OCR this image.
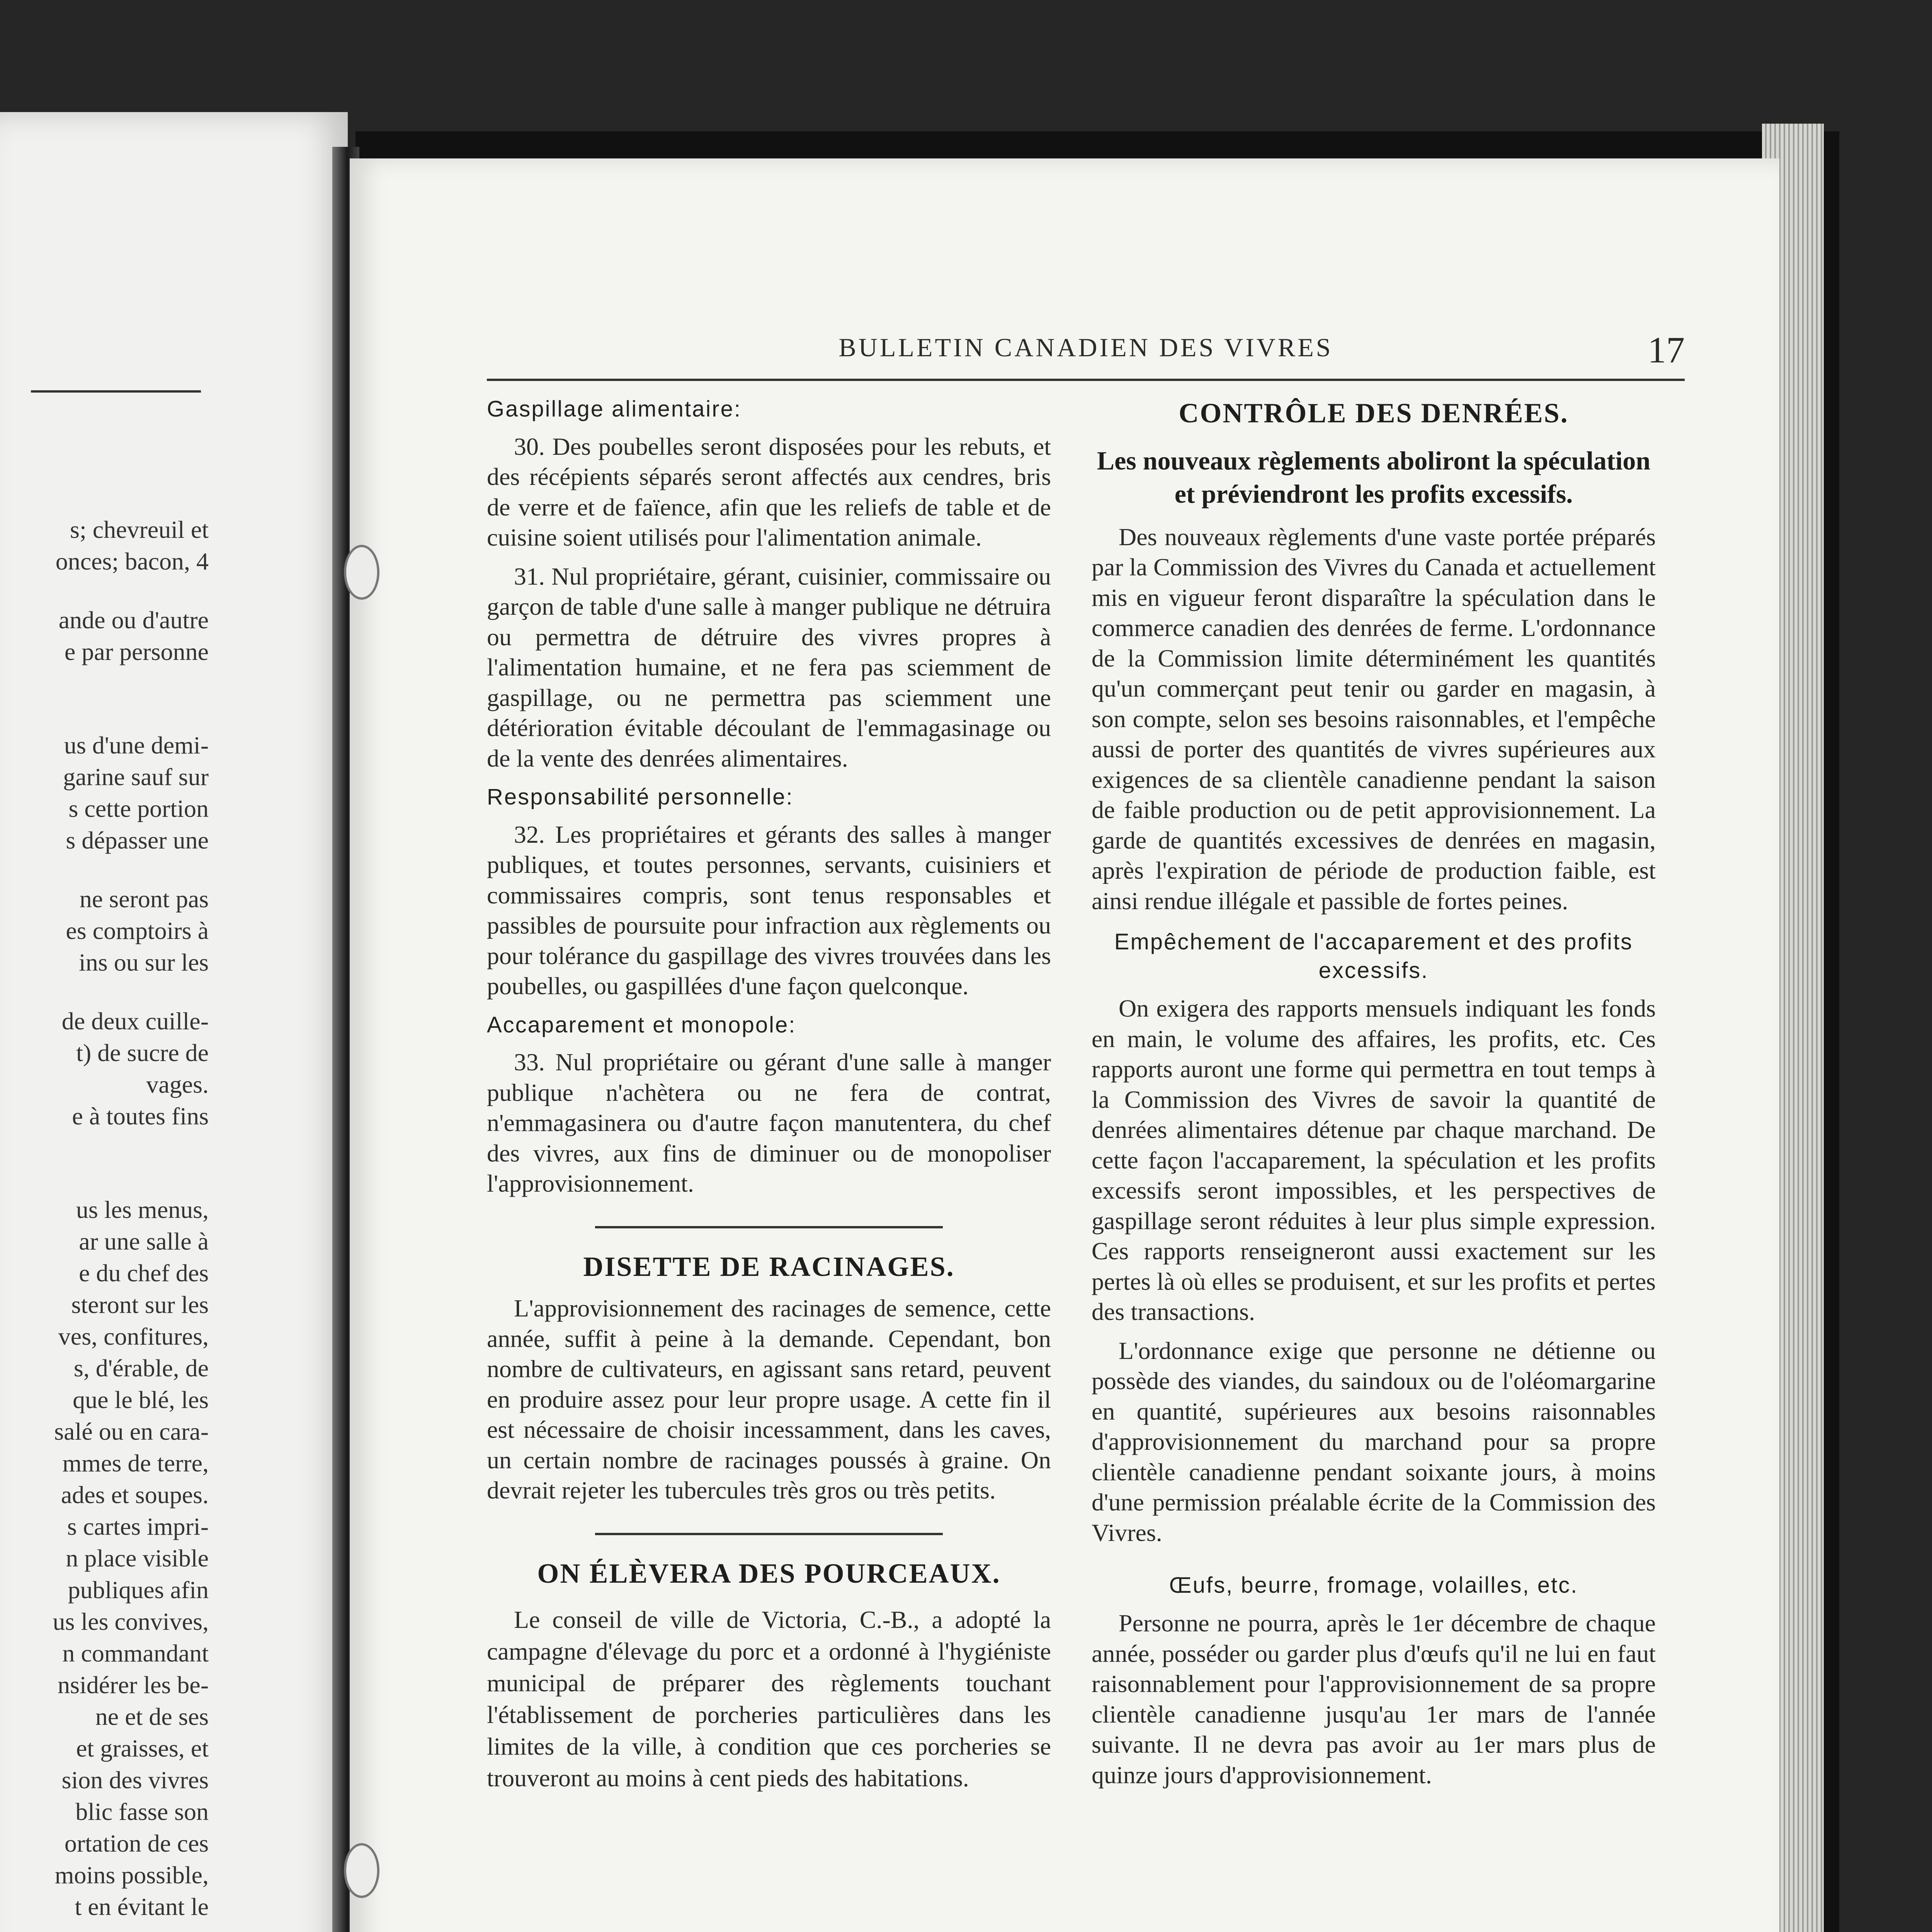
s; chevreuil et
onces; bacon, 4
ande ou d'autre
e par personne
us d'une demi-
garine sauf sur
s cette portion
s dépasser une
ne seront pas
es comptoirs à
ins ou sur les
de deux cuille-
t) de sucre de
vages.
e à toutes fins
us les menus,
ar une salle à
e du chef des
steront sur les
ves, confitures,
s, d'érable, de
que le blé, les
salé ou en cara-
mmes de terre,
ades et soupes.
s cartes impri-
n place visible
publiques afin
us les convives,
n commandant
nsidérer les be-
ne et de ses
et graisses, et
sion des vivres
blic fasse son
ortation de ces
moins possible,
t en évitant le
BULLETIN CANADIEN DES VIVRES	17
Gaspillage alimentaire:

30. Des poubelles seront disposées pour les rebuts, et des récépients séparés seront affectés aux cendres, bris de verre et de faïence, afin que les reliefs de table et de cuisine soient utilisés pour l'alimentation animale.

31. Nul propriétaire, gérant, cuisinier, commissaire ou garçon de table d'une salle à manger publique ne détruira ou permettra de détruire des vivres propres à l'alimentation humaine, et ne fera pas sciemment de gaspillage, ou ne permettra pas sciemment une détérioration évitable découlant de l'emmagasinage ou de la vente des denrées alimentaires.

Responsabilité personnelle:

32. Les propriétaires et gérants des salles à manger publiques, et toutes personnes, servants, cuisiniers et commissaires compris, sont tenus responsables et passibles de poursuite pour infraction aux règlements ou pour tolérance du gaspillage des vivres trouvées dans les poubelles, ou gaspillées d'une façon quelconque.

Accaparement et monopole:

33. Nul propriétaire ou gérant d'une salle à manger publique n'achètera ou ne fera de contrat, n'emmagasinera ou d'autre façon manutentera, du chef des vivres, aux fins de diminuer ou de monopoliser l'approvisionnement.

DISETTE DE RACINAGES.

L'approvisionnement des racinages de semence, cette année, suffit à peine à la demande. Cependant, bon nombre de cultivateurs, en agissant sans retard, peuvent en produire assez pour leur propre usage. A cette fin il est nécessaire de choisir incessamment, dans les caves, un certain nombre de racinages poussés à graine. On devrait rejeter les tubercules très gros ou très petits.

ON ÉLÈVERA DES POURCEAUX.

Le conseil de ville de Victoria, C.-B., a adopté la campagne d'élevage du porc et a ordonné à l'hygiéniste municipal de préparer des règlements touchant l'établissement de porcheries particulières dans les limites de la ville, à condition que ces porcheries se trouveront au moins à cent pieds des habitations.

CONTRÔLE DES DENRÉES.
Les nouveaux règlements aboliront la spéculation et préviendront les profits excessifs.

Des nouveaux règlements d'une vaste portée préparés par la Commission des Vivres du Canada et actuellement mis en vigueur feront disparaître la spéculation dans le commerce canadien des denrées de ferme. L'ordonnance de la Commission limite déterminément les quantités qu'un commerçant peut tenir ou garder en magasin, à son compte, selon ses besoins raisonnables, et l'empêche aussi de porter des quantités de vivres supérieures aux exigences de sa clientèle canadienne pendant la saison de faible production ou de petit approvisionnement. La garde de quantités excessives de denrées en magasin, après l'expiration de période de production faible, est ainsi rendue illégale et passible de fortes peines.

Empêchement de l'accaparement et des profits excessifs.

On exigera des rapports mensuels indiquant les fonds en main, le volume des affaires, les profits, etc. Ces rapports auront une forme qui permettra en tout temps à la Commission des Vivres de savoir la quantité de denrées alimentaires détenue par chaque marchand. De cette façon l'accaparement, la spéculation et les profits excessifs seront impossibles, et les perspectives de gaspillage seront réduites à leur plus simple expression. Ces rapports renseigneront aussi exactement sur les pertes là où elles se produisent, et sur les profits et pertes des transactions.

L'ordonnance exige que personne ne détienne ou possède des viandes, du saindoux ou de l'oléomargarine en quantité, supérieures aux besoins raisonnables d'approvisionnement du marchand pour sa propre clientèle canadienne pendant soixante jours, à moins d'une permission préalable écrite de la Commission des Vivres.

Œufs, beurre, fromage, volailles, etc.

Personne ne pourra, après le 1er décembre de chaque année, posséder ou garder plus d'œufs qu'il ne lui en faut raisonnablement pour l'approvisionnement de sa propre clientèle canadienne jusqu'au 1er mars de l'année suivante. Il ne devra pas avoir au 1er mars plus de quinze jours d'approvisionnement.
